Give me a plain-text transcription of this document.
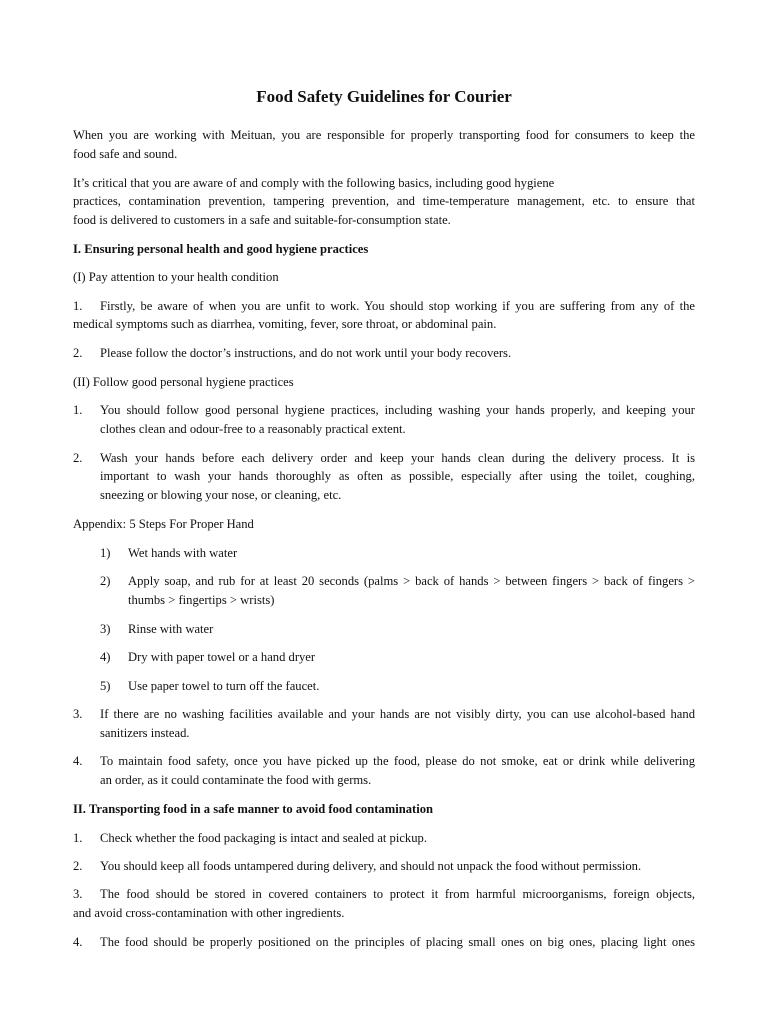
Food Safety Guidelines for Courier

When you are working with Meituan, you are responsible for properly transporting food for consumers to keep the

food safe and sound.

It’s critical that you are aware of and comply with the following basics, including good hygiene

practices, contamination prevention, tampering prevention, and time-temperature management, etc. to ensure that

food is delivered to customers in a safe and suitable-for-consumption state.

I. Ensuring personal health and good hygiene practices

(I) Pay attention to your health condition

1. Firstly, be aware of when you are unfit to work. You should stop working if you are suffering from any of the

medical symptoms such as diarrhea, vomiting, fever, sore throat, or abdominal pain.

2. Please follow the doctor’s instructions, and do not work until your body recovers.

(II) Follow good personal hygiene practices

1. You should follow good personal hygiene practices, including washing your hands properly, and keeping your

clothes clean and odour-free to a reasonably practical extent.

2. Wash your hands before each delivery order and keep your hands clean during the delivery process. It is

important to wash your hands thoroughly as often as possible, especially after using the toilet, coughing,

sneezing or blowing your nose, or cleaning, etc.

Appendix: 5 Steps For Proper Hand

1) Wet hands with water

2) Apply soap, and rub for at least 20 seconds (palms > back of hands > between fingers > back of fingers >

thumbs > fingertips > wrists)

3) Rinse with water

4) Dry with paper towel or a hand dryer

5) Use paper towel to turn off the faucet.

3. If there are no washing facilities available and your hands are not visibly dirty, you can use alcohol-based hand

sanitizers instead.

4. To maintain food safety, once you have picked up the food, please do not smoke, eat or drink while delivering

an order, as it could contaminate the food with germs.

II. Transporting food in a safe manner to avoid food contamination

1. Check whether the food packaging is intact and sealed at pickup.

2. You should keep all foods untampered during delivery, and should not unpack the food without permission.

3. The food should be stored in covered containers to protect it from harmful microorganisms, foreign objects,

and avoid cross-contamination with other ingredients.

4. The food should be properly positioned on the principles of placing small ones on big ones, placing light ones
